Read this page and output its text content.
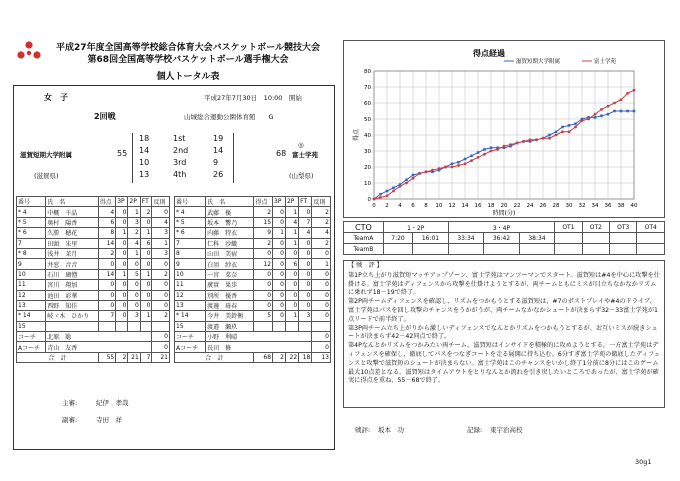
平成27年度全国高等学校総合体育大会バスケットボール競技大会
第68回全国高等学校バスケットボール選手権大会
個人トータル表
女　子	平成27年7月30日　10:00　開始
2回戦	山城総合運動公園体育館　　G
滋賀短期大学附属
(滋賀県)
55	68
◎
富士学苑
(山梨県)
18	1st	19
14	2nd	14
10	3rd	9
13	4th	26
番号	氏　名	得点	3P	2P	FT	反則
* 4	中概　千晶	4	0	1	2	0
* 5	奥村　陽香	6	0	3	0	4
* 6	久勝　穂花	8	1	2	1	3
7	田頭　朱里	14	0	4	6	1
* 8	浅井　茉月	2	0	1	0	3
9	井窓　音音	0	0	0	0	0
10	石川　瑚憎	14	1	5	1	2
11	宮川　翔加	0	0	0	0	0
12	池田　彩華	0	0	0	0	0
13	西野　知佳	0	0	0	0	0
* 14	岐ゞ木　ひかり	7	0	3	1	2
15						
コーチ	北原　聡					0
Aコーチ	青山　友香					0
合　計		55	2	21	7	21
番号	氏　名	得点	3P	2P	FT	反則
* 4	武藤　優	2	0	1	0	2
* 5	坂本　響乃	15	0	4	7	2
* 6	内藤　特衣	9	1	1	4	4
7	仁科　沙織	2	0	1	0	2
8	山田　美宿	0	0	0	0	0
9	白須　紗衣	12	0	6	0	1
10	一宮　菜奈	0	0	0	0	0
11	廣實　果歩	0	0	0	0	0
12	別所　優香	0	0	0	0	0
13	渡邊　琦春	0	0	0	0	0
* 14	今井　美鈴衡	5	0	1	3	0
15	渡邉　瀬玖					
コーチ	小野　利晴					0
Aコーチ	長田　修					0
合　計		68	2	22	18	13
主審:	紀伊　孝哉
副審:	寺田　祥
得点経過
0
10
20
30
40
50
60
70
80
0 2 4 6 8 10 12 14 16 18 20 22 24 26 28 30 32 34 36 38 40
時間(分)
得点
滋賀短期大学附属	富士学苑
CTO	1・2P		3・4P			OT1	OT2	OT3	OT4
TeamA	7:20	16:01	33:34	36:42	38:34				
TeamB									
【 戦　評 】

第1P立ち上がり滋賀短マッチアップゾーン、富士学苑はマンツーマンでスタート。滋賀短は#4を中心に攻撃を仕掛ける。富士学苑はディフェンスから攻撃を仕掛けようとするが、両チームともにミスが目立ちなかなかリズムに乗れず18－19で終了。

第2P両チームディフェンスを確認し、リズムをつかもうとする滋賀短は、#7のポストプレイや#4のドライブ、富士学苑はパスを回し攻撃のチャンスをうかがうが、両チームなかなかシュートが決まらず32－33富士学苑が1点リードで前半終了。

第3P両チーム立ち上がりから激しいディフェンスでなんとかリズムをつかもうとするが、お互いミスが続きシュートが決まらず42－42同点で終了。

第4Pなんとかリズムをつかみたい両チーム。滋賀短はインサイドを積極的に攻めようとする。一方富士学苑はディフェンスを確保し、徹底してパスをつなぎコートを走る展開に持ち込む。6分すぎ富士学苑の徹底したディフェンスと攻撃で滋賀短のシュートが決まらない。富士学苑はこのチャンスをいかし終了1分前に8分にはこのゲーム最大10点差となる。滋賀短はタイムアウトをとりなんとか流れを引き戻したいところであったが、富士学苑が確実に得点を重ね、55－68で終了。

戦評: 坂本　功	記録: 東宇治高校
30g1
